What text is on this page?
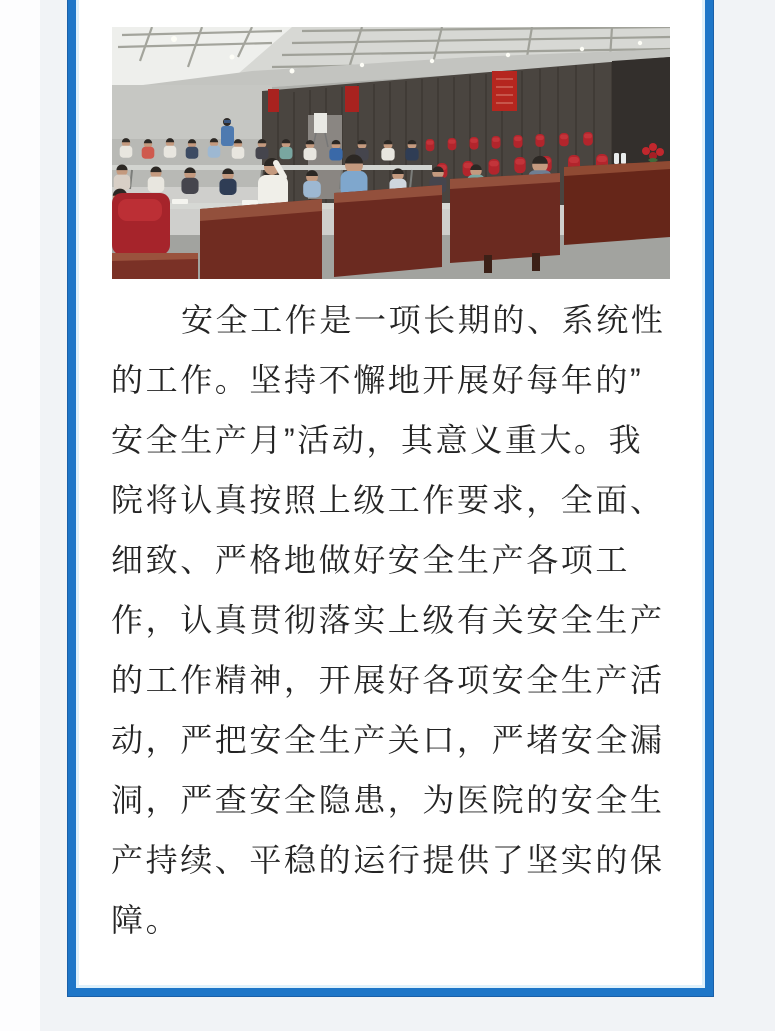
安全工作是一项长期的、系统性
的工作。坚持不懈地开展好每年的”
安全生产月”活动，其意义重大。我
院将认真按照上级工作要求，全面、
细致、严格地做好安全生产各项工
作，认真贯彻落实上级有关安全生产
的工作精神，开展好各项安全生产活
动，严把安全生产关口，严堵安全漏
洞，严查安全隐患，为医院的安全生
产持续、平稳的运行提供了坚实的保
障。
